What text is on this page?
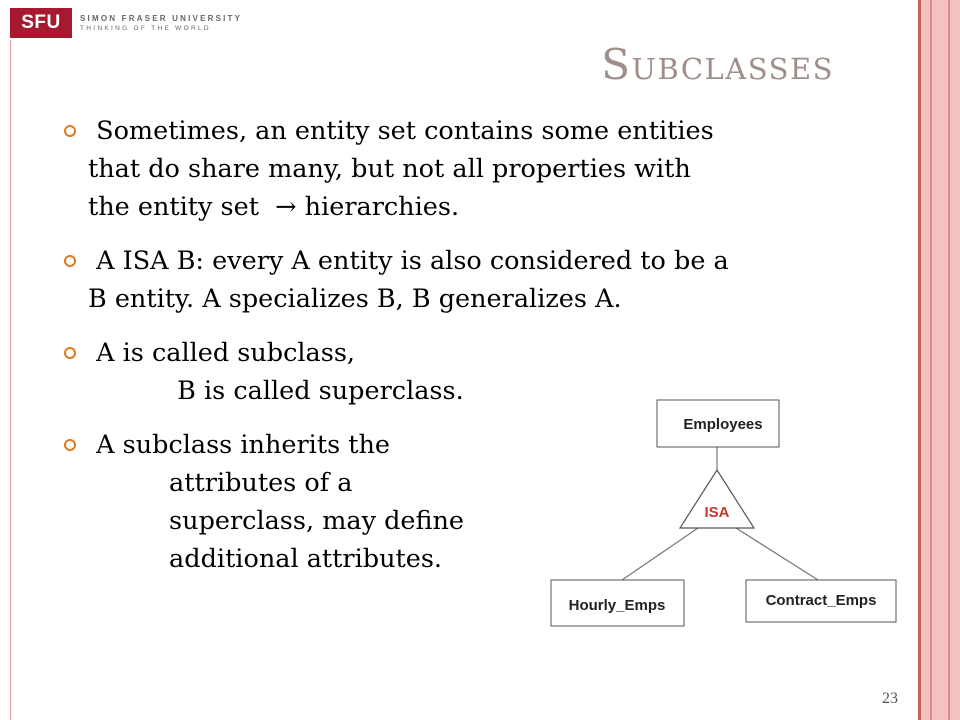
SFU	SIMON FRASER UNIVERSITY
THINKING OF THE WORLD
Subclasses
Sometimes, an entity set contains some entities
that do share many, but not all properties with
the entity set  → hierarchies.
A ISA B: every A entity is also considered to be a
B entity. A specializes B, B generalizes A.
A is called subclass,
B is called superclass.
A subclass inherits the
attributes of a
superclass, may define
additional attributes.
Employees
ISA
Hourly_Emps	Contract_Emps
23
